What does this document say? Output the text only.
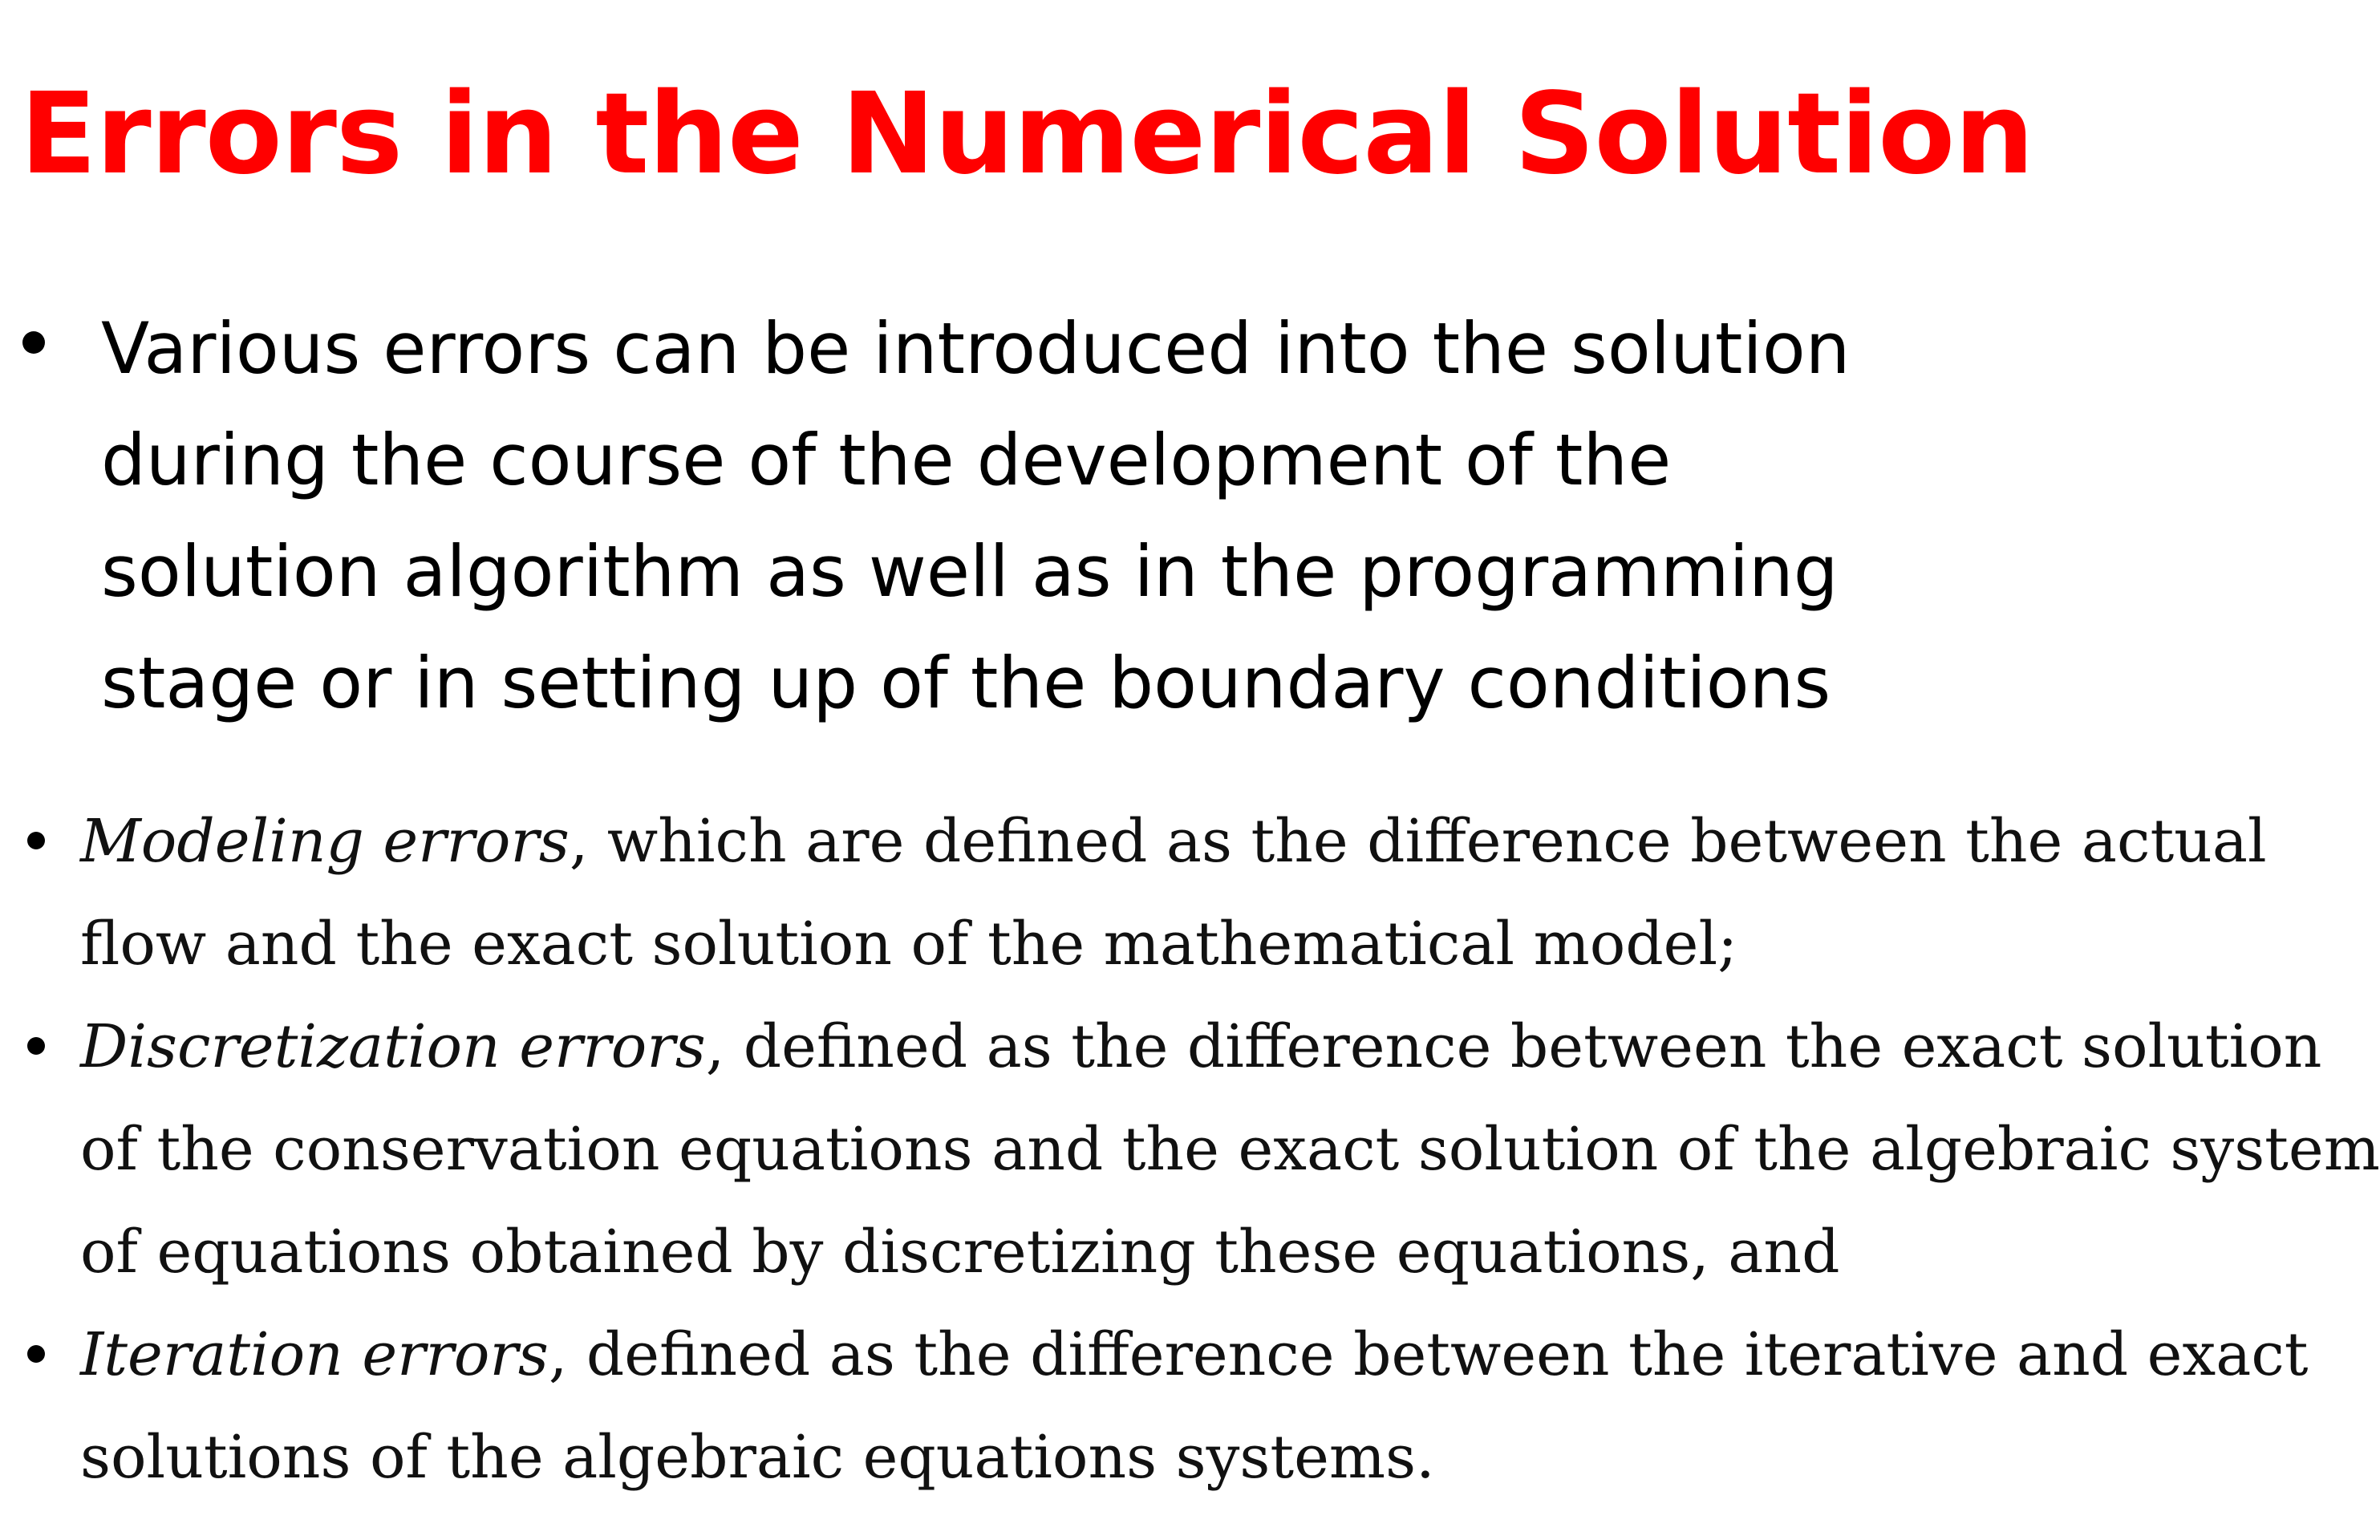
Errors in the Numerical Solution
Various errors can be introduced into the solution
during the course of the development of the
solution algorithm as well as in the programming
stage or in setting up of the boundary conditions
Modeling errors, which are defined as the difference between the actual
flow and the exact solution of the mathematical model;
Discretization errors, defined as the difference between the exact solution
of the conservation equations and the exact solution of the algebraic system
of equations obtained by discretizing these equations, and
Iteration errors, defined as the difference between the iterative and exact
solutions of the algebraic equations systems.
